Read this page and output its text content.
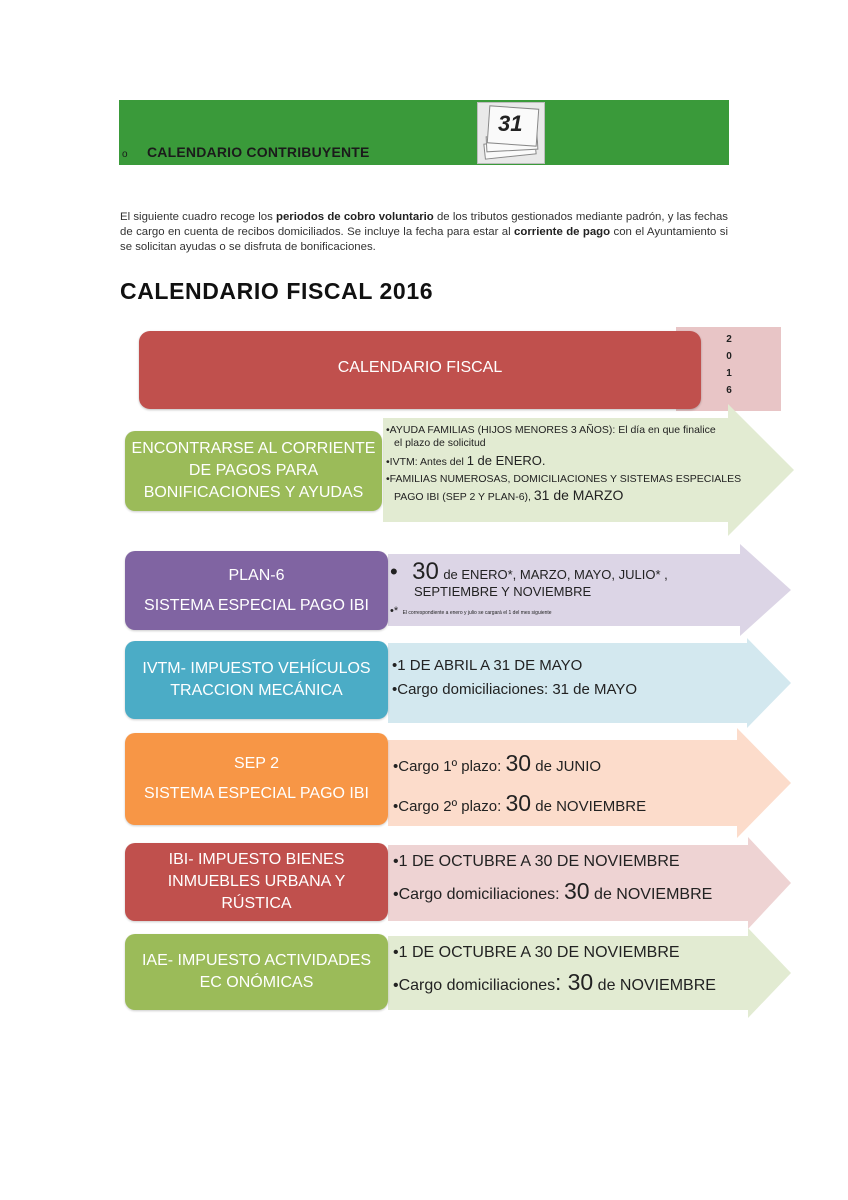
o CALENDARIO CONTRIBUYENTE
31
El siguiente cuadro recoge los periodos de cobro voluntario de los tributos gestionados mediante padrón, y las fechas de cargo en cuenta de recibos domiciliados. Se incluye la fecha para estar al corriente de pago con el Ayuntamiento si se solicitan ayudas o se disfruta de bonificaciones.
CALENDARIO FISCAL 2016
2
0
1
6
CALENDARIO FISCAL
ENCONTRARSE AL CORRIENTE
DE PAGOS PARA
BONIFICACIONES Y AYUDAS
•AYUDA FAMILIAS (HIJOS MENORES 3 AÑOS): El día en que finalice
el plazo de solicitud
•IVTM: Antes del 1 de ENERO.
•FAMILIAS NUMEROSAS, DOMICILIACIONES Y SISTEMAS ESPECIALES
PAGO IBI (SEP 2 Y PLAN-6), 31 de MARZO
PLAN-6
SISTEMA ESPECIAL PAGO IBI
• 30 de ENERO*, MARZO, MAYO, JULIO* ,
SEPTIEMBRE Y NOVIEMBRE
•* El correspondiente a enero y julio se cargará el 1 del mes siguiente
IVTM- IMPUESTO VEHÍCULOS
TRACCION MECÁNICA
•1 DE ABRIL A 31 DE MAYO
•Cargo domiciliaciones: 31 de MAYO
SEP 2
SISTEMA ESPECIAL PAGO IBI
•Cargo 1º plazo: 30 de JUNIO
•Cargo 2º plazo: 30 de NOVIEMBRE
IBI- IMPUESTO BIENES
INMUEBLES URBANA Y
RÚSTICA
•1 DE OCTUBRE A 30 DE NOVIEMBRE
•Cargo domiciliaciones: 30 de NOVIEMBRE
IAE- IMPUESTO ACTIVIDADES
EC ONÓMICAS
•1 DE OCTUBRE A 30 DE NOVIEMBRE
•Cargo domiciliaciones: 30 de NOVIEMBRE
